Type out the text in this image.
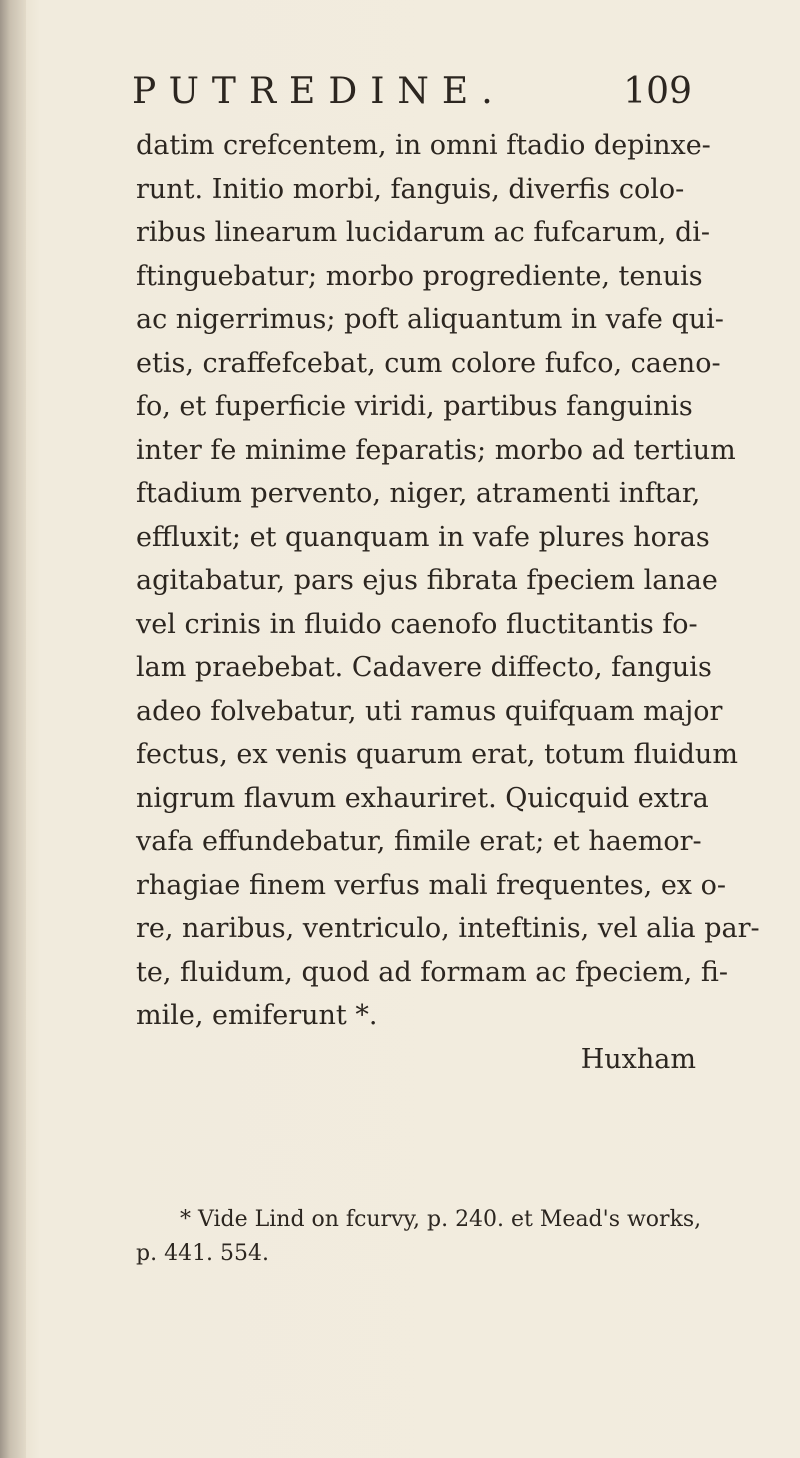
PUTREDINE.	109
datim crefcentem, in omni ftadio depinxe-
runt. Initio morbi, fanguis, diverfis colo-
ribus linearum lucidarum ac fufcarum, di-
ftinguebatur; morbo progrediente, tenuis
ac nigerrimus; poft aliquantum in vafe qui-
etis, craffefcebat, cum colore fufco, caeno-
fo, et fuperficie viridi, partibus fanguinis
inter fe minime feparatis; morbo ad tertium
ftadium pervento, niger, atramenti inftar,
effluxit; et quanquam in vafe plures horas
agitabatur, pars ejus fibrata fpeciem lanae
vel crinis in fluido caenofo fluctitantis fo-
lam praebebat. Cadavere diffecto, fanguis
adeo folvebatur, uti ramus quifquam major
fectus, ex venis quarum erat, totum fluidum
nigrum flavum exhauriret. Quicquid extra
vafa effundebatur, fimile erat; et haemor-
rhagiae finem verfus mali frequentes, ex o-
re, naribus, ventriculo, inteftinis, vel alia par-
te, fluidum, quod ad formam ac fpeciem, fi-
mile, emiferunt *.
Huxham
* Vide Lind on fcurvy, p. 240. et Mead's works,
p. 441. 554.
